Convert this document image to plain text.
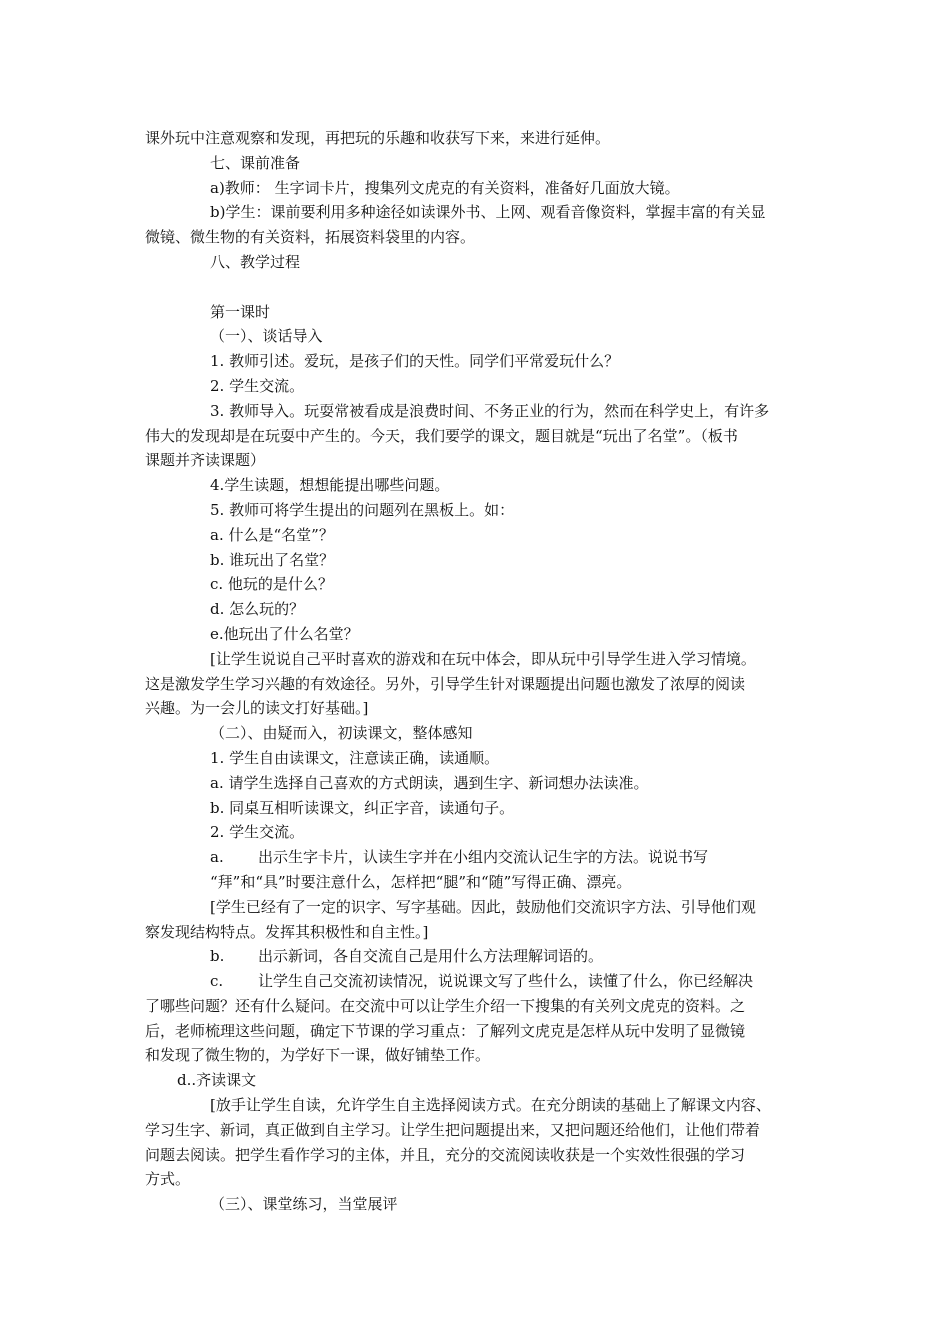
课外玩中注意观察和发现，再把玩的乐趣和收获写下来，来进行延伸。
七、课前准备
a)教师： 生字词卡片，搜集列文虎克的有关资料，准备好几面放大镜。
b)学生：课前要利用多种途径如读课外书、上网、观看音像资料，掌握丰富的有关显
微镜、微生物的有关资料，拓展资料袋里的内容。
八、教学过程
第一课时
（一）、谈话导入
1. 教师引述。爱玩，是孩子们的天性。同学们平常爱玩什么？
2. 学生交流。
3. 教师导入。玩耍常被看成是浪费时间、不务正业的行为，然而在科学史上，有许多
伟大的发现却是在玩耍中产生的。今天，我们要学的课文，题目就是“玩出了名堂”。（板书
课题并齐读课题）
4.学生读题，想想能提出哪些问题。
5. 教师可将学生提出的问题列在黑板上。如：
a. 什么是“名堂”？
b. 谁玩出了名堂？
c. 他玩的是什么？
d. 怎么玩的？
e.他玩出了什么名堂？
[让学生说说自己平时喜欢的游戏和在玩中体会，即从玩中引导学生进入学习情境。
这是激发学生学习兴趣的有效途径。另外，引导学生针对课题提出问题也激发了浓厚的阅读
兴趣。为一会儿的读文打好基础。]
（二）、由疑而入，初读课文，整体感知
1. 学生自由读课文，注意读正确，读通顺。
a. 请学生选择自己喜欢的方式朗读，遇到生字、新词想办法读准。
b. 同桌互相听读课文，纠正字音，读通句子。
2. 学生交流。
a. 出示生字卡片，认读生字并在小组内交流认记生字的方法。说说书写
“拜”和“具”时要注意什么，怎样把“腿”和“随”写得正确、漂亮。
[学生已经有了一定的识字、写字基础。因此，鼓励他们交流识字方法、引导他们观
察发现结构特点。发挥其积极性和自主性。]
b. 出示新词，各自交流自己是用什么方法理解词语的。
c. 让学生自己交流初读情况，说说课文写了些什么，读懂了什么，你已经解决
了哪些问题？还有什么疑问。在交流中可以让学生介绍一下搜集的有关列文虎克的资料。之
后，老师梳理这些问题，确定下节课的学习重点：了解列文虎克是怎样从玩中发明了显微镜
和发现了微生物的，为学好下一课，做好铺垫工作。
d..齐读课文
[放手让学生自读，允许学生自主选择阅读方式。在充分朗读的基础上了解课文内容、
学习生字、新词，真正做到自主学习。让学生把问题提出来，又把问题还给他们，让他们带着
问题去阅读。把学生看作学习的主体，并且，充分的交流阅读收获是一个实效性很强的学习
方式。
（三）、课堂练习，当堂展评
